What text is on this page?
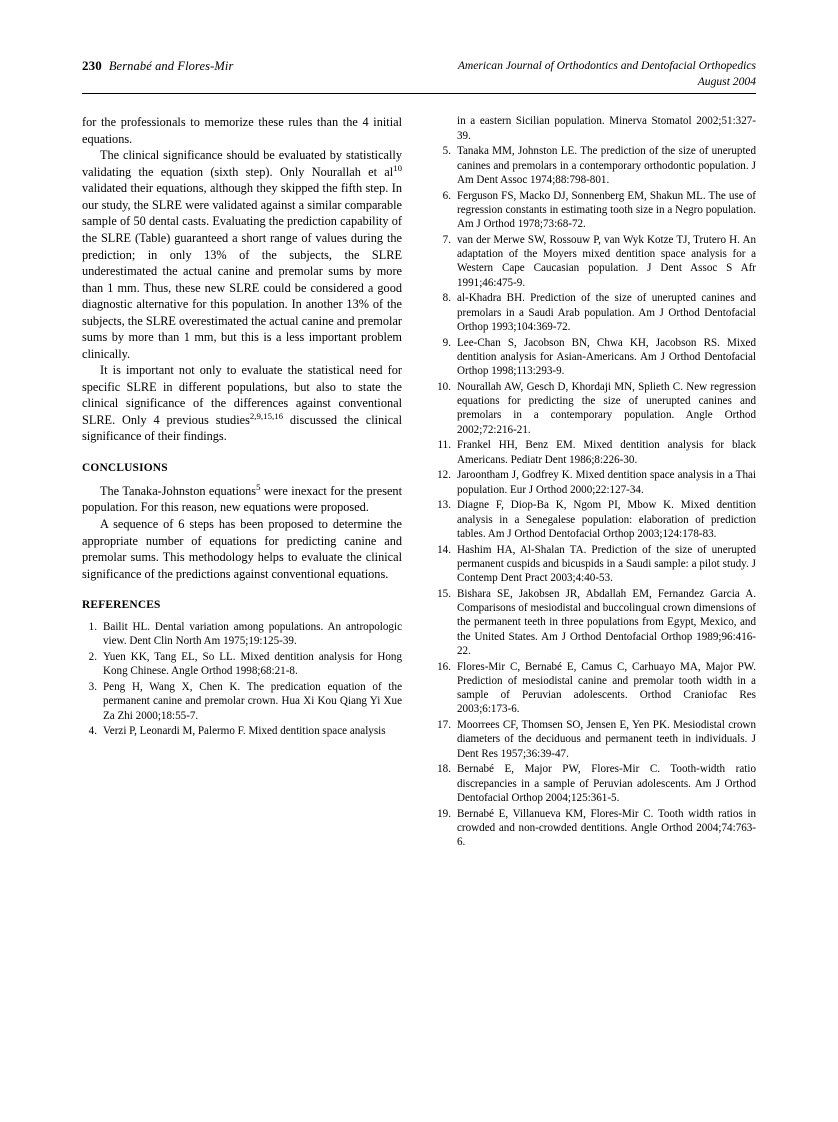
230 Bernabé and Flores-Mir	American Journal of Orthodontics and Dentofacial Orthopedics
August 2004

for the professionals to memorize these rules than the 4 initial equations.

The clinical significance should be evaluated by statistically validating the equation (sixth step). Only Nourallah et $al^{10}$ validated their equations, although they skipped the fifth step. In our study, the SLRE were validated against a similar comparable sample of 50 dental casts. Evaluating the prediction capability of the SLRE (Table) guaranteed a short range of values during the prediction; in only 13% of the subjects, the SLRE underestimated the actual canine and premolar sums by more than 1 mm. Thus, these new SLRE could be considered a good diagnostic alternative for this population. In another 13% of the subjects, the SLRE overestimated the actual canine and premolar sums by more than 1 mm, but this is a less important problem clinically.

It is important not only to evaluate the statistical need for specific SLRE in different populations, but also to state the clinical significance of the differences against conventional SLRE. Only 4 previous studies$^{2,9,15,16}$ discussed the clinical significance of their findings.

CONCLUSIONS

The Tanaka-Johnston equations$^5$ were inexact for the present population. For this reason, new equations were proposed.

A sequence of 6 steps has been proposed to determine the appropriate number of equations for predicting canine and premolar sums. This methodology helps to evaluate the clinical significance of the predictions against conventional equations.

REFERENCES
1. Bailit HL. Dental variation among populations. An antropologic view. Dent Clin North Am 1975;19:125-39.
2. Yuen KK, Tang EL, So LL. Mixed dentition analysis for Hong Kong Chinese. Angle Orthod 1998;68:21-8.
3. Peng H, Wang X, Chen K. The predication equation of the permanent canine and premolar crown. Hua Xi Kou Qiang Yi Xue Za Zhi 2000;18:55-7.
4. Verzi P, Leonardi M, Palermo F. Mixed dentition space analysis
in a eastern Sicilian population. Minerva Stomatol 2002;51:327-39.
5. Tanaka MM, Johnston LE. The prediction of the size of unerupted canines and premolars in a contemporary orthodontic population. J Am Dent Assoc 1974;88:798-801.
6. Ferguson FS, Macko DJ, Sonnenberg EM, Shakun ML. The use of regression constants in estimating tooth size in a Negro population. Am J Orthod 1978;73:68-72.
7. van der Merwe SW, Rossouw P, van Wyk Kotze TJ, Trutero H. An adaptation of the Moyers mixed dentition space analysis for a Western Cape Caucasian population. J Dent Assoc S Afr 1991;46:475-9.
8. al-Khadra BH. Prediction of the size of unerupted canines and premolars in a Saudi Arab population. Am J Orthod Dentofacial Orthop 1993;104:369-72.
9. Lee-Chan S, Jacobson BN, Chwa KH, Jacobson RS. Mixed dentition analysis for Asian-Americans. Am J Orthod Dentofacial Orthop 1998;113:293-9.
10. Nourallah AW, Gesch D, Khordaji MN, Splieth C. New regression equations for predicting the size of unerupted canines and premolars in a contemporary population. Angle Orthod 2002;72:216-21.
11. Frankel HH, Benz EM. Mixed dentition analysis for black Americans. Pediatr Dent 1986;8:226-30.
12. Jaroontham J, Godfrey K. Mixed dentition space analysis in a Thai population. Eur J Orthod 2000;22:127-34.
13. Diagne F, Diop-Ba K, Ngom PI, Mbow K. Mixed dentition analysis in a Senegalese population: elaboration of prediction tables. Am J Orthod Dentofacial Orthop 2003;124:178-83.
14. Hashim HA, Al-Shalan TA. Prediction of the size of unerupted permanent cuspids and bicuspids in a Saudi sample: a pilot study. J Contemp Dent Pract 2003;4:40-53.
15. Bishara SE, Jakobsen JR, Abdallah EM, Fernandez Garcia A. Comparisons of mesiodistal and buccolingual crown dimensions of the permanent teeth in three populations from Egypt, Mexico, and the United States. Am J Orthod Dentofacial Orthop 1989;96:416-22.
16. Flores-Mir C, Bernabé E, Camus C, Carhuayo MA, Major PW. Prediction of mesiodistal canine and premolar tooth width in a sample of Peruvian adolescents. Orthod Craniofac Res 2003;6:173-6.
17. Moorrees CF, Thomsen SO, Jensen E, Yen PK. Mesiodistal crown diameters of the deciduous and permanent teeth in individuals. J Dent Res 1957;36:39-47.
18. Bernabé E, Major PW, Flores-Mir C. Tooth-width ratio discrepancies in a sample of Peruvian adolescents. Am J Orthod Dentofacial Orthop 2004;125:361-5.
19. Bernabé E, Villanueva KM, Flores-Mir C. Tooth width ratios in crowded and non-crowded dentitions. Angle Orthod 2004;74:763-6.
